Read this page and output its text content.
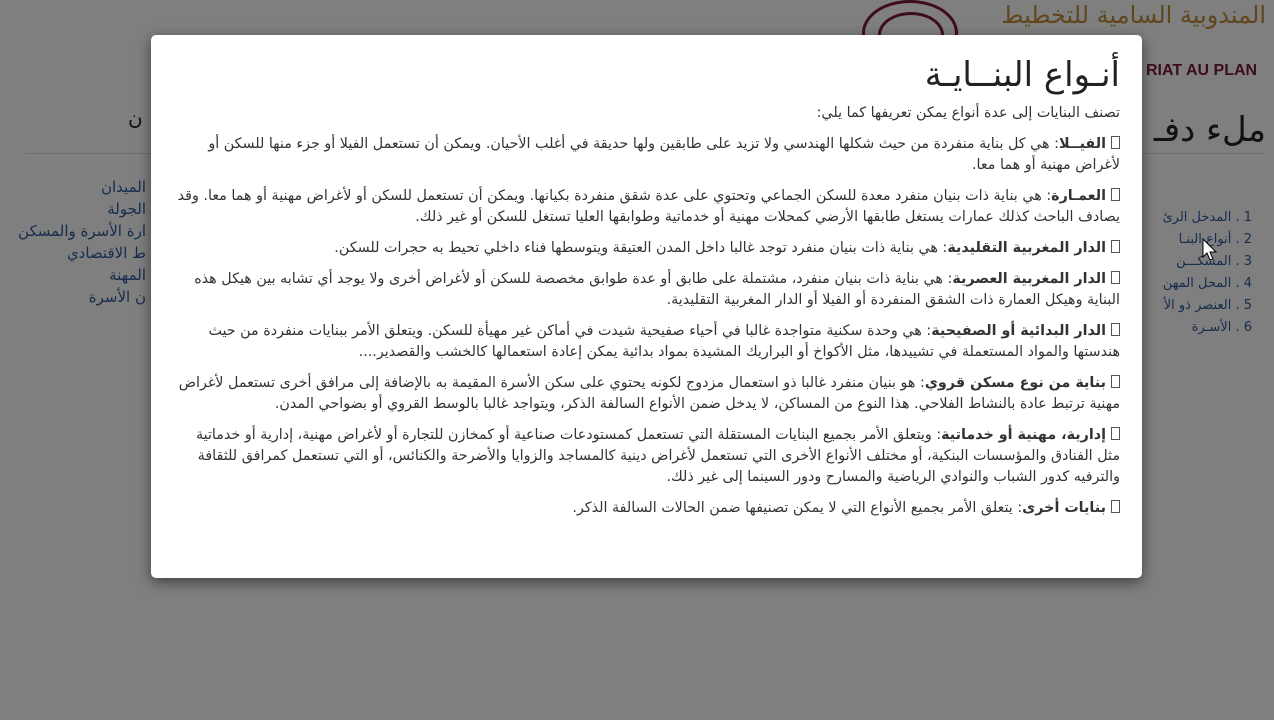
أنـواع البنــايـة

تصنف البنايات إلى عدة أنواع يمكن تعريفها كما يلي:

الفيــلا: هي كل بناية منفردة من حيث شكلها الهندسي ولا تزيد على طابقين ولها حديقة في أغلب الأحيان. ويمكن أن تستعمل الفيلا أو جزء منها للسكن أو لأغراض مهنية أو هما معا.

العمـارة: هي بناية ذات بنيان منفرد معدة للسكن الجماعي وتحتوي على عدة شقق منفردة بكيانها. ويمكن أن تستعمل للسكن أو لأغراض مهنية أو هما معا. وقد يصادف الباحث كذلك عمارات يستغل طابقها الأرضي كمحلات مهنية أو خدماتية وطوابقها العليا تستغل للسكن أو غير ذلك.

الدار المغربية التقليدية: هي بناية ذات بنيان منفرد توجد غالبا داخل المدن العتيقة ويتوسطها فناء داخلي تحيط به حجرات للسكن.

الدار المغربية العصرية: هي بناية ذات بنيان منفرد، مشتملة على طابق أو عدة طوابق مخصصة للسكن أو لأغراض أخرى ولا يوجد أي تشابه بين هيكل هذه البناية وهيكل العمارة ذات الشقق المنفردة أو الفيلا أو الدار المغربية التقليدية.

الدار البدائية أو الصفيحية: هي وحدة سكنية متواجدة غالبا في أحياء صفيحية شيدت في أماكن غير مهيأة للسكن. ويتعلق الأمر ببنايات منفردة من حيث هندستها والمواد المستعملة في تشييدها، مثل الأكواخ أو البراريك المشيدة بمواد بدائية يمكن إعادة استعمالها كالخشب والقصدير....

بناية من نوع مسكن قروي: هو بنيان منفرد غالبا ذو استعمال مزدوج لكونه يحتوي على سكن الأسرة المقيمة به بالإضافة إلى مرافق أخرى تستعمل لأغراض مهنية ترتبط عادة بالنشاط الفلاحي. هذا النوع من المساكن، لا يدخل ضمن الأنواع السالفة الذكر، ويتواجد غالبا بالوسط القروي أو بضواحي المدن.

إدارية، مهنية أو خدماتية: ويتعلق الأمر بجميع البنايات المستقلة التي تستعمل كمستودعات صناعية أو كمخازن للتجارة أو لأغراض مهنية، إدارية أو خدماتية مثل الفنادق والمؤسسات البنكية، أو مختلف الأنواع الأخرى التي تستعمل لأغراض دينية كالمساجد والزوايا والأضرحة والكنائس، أو التي تستعمل كمرافق للثقافة والترفيه كدور الشباب والنوادي الرياضية والمسارح ودور السينما إلى غير ذلك.

بنايات أخرى: يتعلق الأمر بجميع الأنواع التي لا يمكن تصنيفها ضمن الحالات السالفة الذكر.
